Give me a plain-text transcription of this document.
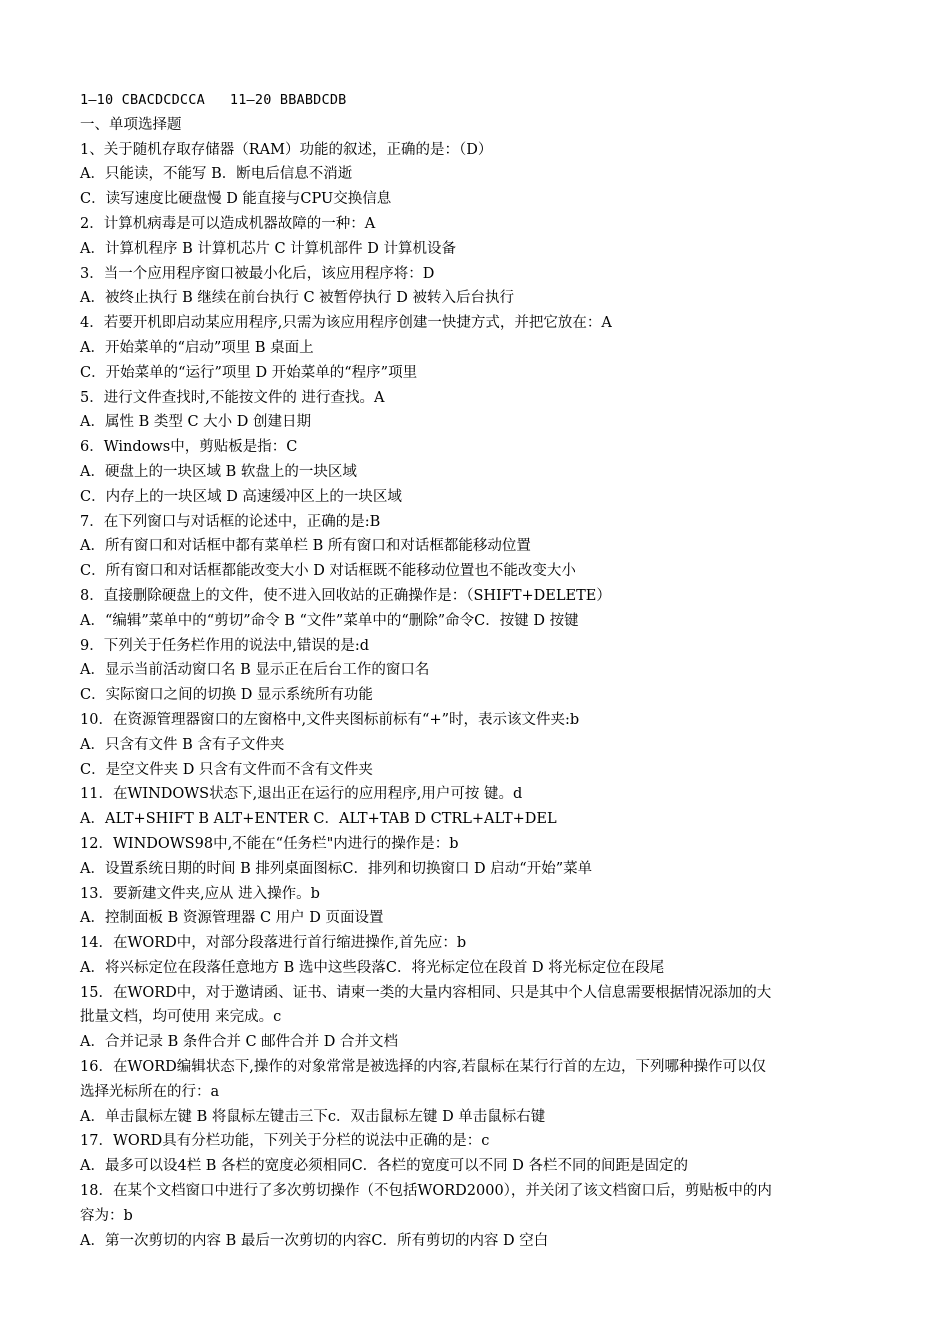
1—10 CBACDCDCCA   11—20 BBABDCDB
一、单项选择题
1、关于随机存取存储器（RAM）功能的叙述，正确的是：（D）
A．只能读，不能写 B．断电后信息不消逝
C．读写速度比硬盘慢 D 能直接与CPU交换信息
2．计算机病毒是可以造成机器故障的一种：A
A．计算机程序 B 计算机芯片 C 计算机部件 D 计算机设备
3．当一个应用程序窗口被最小化后，该应用程序将：D
A．被终止执行 B 继续在前台执行 C 被暂停执行 D 被转入后台执行
4．若要开机即启动某应用程序,只需为该应用程序创建一快捷方式，并把它放在：A
A．开始菜单的“启动”项里 B 桌面上
C．开始菜单的“运行”项里 D 开始菜单的“程序”项里
5．进行文件查找时,不能按文件的 进行查找。A
A．属性 B 类型 C 大小 D 创建日期
6．Windows中，剪贴板是指：C
A．硬盘上的一块区域 B 软盘上的一块区域
C．内存上的一块区域 D 高速缓冲区上的一块区域
7．在下列窗口与对话框的论述中，正确的是:B
A．所有窗口和对话框中都有菜单栏 B 所有窗口和对话框都能移动位置
C．所有窗口和对话框都能改变大小 D 对话框既不能移动位置也不能改变大小
8．直接删除硬盘上的文件，使不进入回收站的正确操作是：（SHIFT+DELETE）
A．“编辑”菜单中的“剪切”命令 B “文件”菜单中的“删除”命令C．按键 D 按键
9．下列关于任务栏作用的说法中,错误的是:d
A．显示当前活动窗口名 B 显示正在后台工作的窗口名
C．实际窗口之间的切换 D 显示系统所有功能
10．在资源管理器窗口的左窗格中,文件夹图标前标有“+”时，表示该文件夹:b
A．只含有文件 B 含有子文件夹
C．是空文件夹 D 只含有文件而不含有文件夹
11．在WINDOWS状态下,退出正在运行的应用程序,用户可按 键。d
A．ALT+SHIFT B ALT+ENTER C．ALT+TAB D CTRL+ALT+DEL
12．WINDOWS98中,不能在“任务栏"内进行的操作是：b
A．设置系统日期的时间 B 排列桌面图标C．排列和切换窗口 D 启动“开始”菜单
13．要新建文件夹,应从 进入操作。b
A．控制面板 B 资源管理器 C 用户 D 页面设置
14．在WORD中，对部分段落进行首行缩进操作,首先应：b
A．将兴标定位在段落任意地方 B 选中这些段落C．将光标定位在段首 D 将光标定位在段尾
15．在WORD中，对于邀请函、证书、请柬一类的大量内容相同、只是其中个人信息需要根据情况添加的大
批量文档，均可使用 来完成。c
A．合并记录 B 条件合并 C 邮件合并 D 合并文档
16．在WORD编辑状态下,操作的对象常常是被选择的内容,若鼠标在某行行首的左边，下列哪种操作可以仅
选择光标所在的行：a
A．单击鼠标左键 B 将鼠标左键击三下c．双击鼠标左键 D 单击鼠标右键
17．WORD具有分栏功能，下列关于分栏的说法中正确的是：c
A．最多可以设4栏 B 各栏的宽度必须相同C．各栏的宽度可以不同 D 各栏不同的间距是固定的
18．在某个文档窗口中进行了多次剪切操作（不包括WORD2000），并关闭了该文档窗口后，剪贴板中的内
容为：b
A．第一次剪切的内容 B 最后一次剪切的内容C．所有剪切的内容 D 空白
